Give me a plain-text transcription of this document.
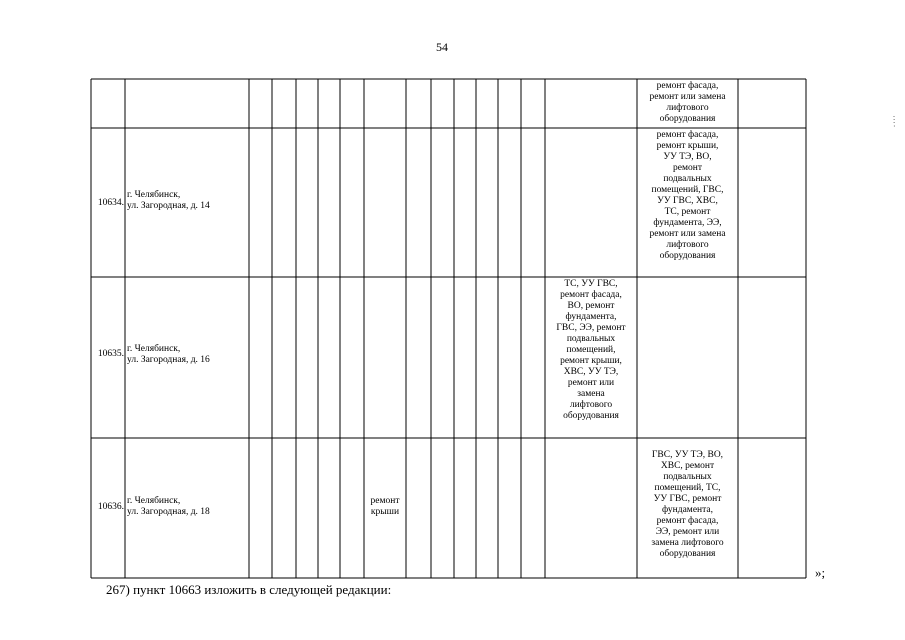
54
ремонт фасада,
ремонт или замена
лифтового
оборудования
10634.
г. Челябинск,
ул. Загородная, д. 14
ремонт фасада,
ремонт крыши,
УУ ТЭ, ВО,
ремонт
подвальных
помещений, ГВС,
УУ ГВС, ХВС,
ТС, ремонт
фундамента, ЭЭ,
ремонт или замена
лифтового
оборудования
10635. г. Челябинск,
ул. Загородная, д. 16
ТС, УУ ГВС,
ремонт фасада,
ВО, ремонт
фундамента,
ГВС, ЭЭ, ремонт
подвальных
помещений,
ремонт крыши,
ХВС, УУ ТЭ,
ремонт или
замена
лифтового
оборудования
10636.
г. Челябинск,
ул. Загородная, д. 18
ремонт
крыши
ГВС, УУ ТЭ, ВО,
ХВС, ремонт
подвальных
помещений, ТС,
УУ ГВС, ремонт
фундамента,
ремонт фасада,
ЭЭ, ремонт или
замена лифтового
оборудования
»;
267) пункт 10663 изложить в следующей редакции:
.
:
·
